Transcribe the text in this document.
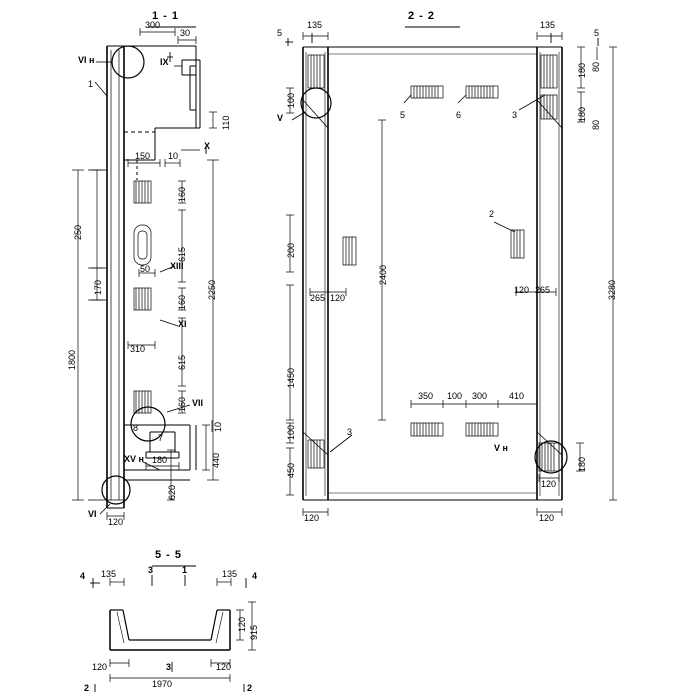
1 - 1	2 - 2
5 - 5
300
30
110
250
170
1800
310
2250
150 10
160
615
50
160
615
160
10
180
620
440
120
VI н	IX
X
XIII
XI
VII
XV н
VI
1
8
7
5
135	135
5
180 80
180
80
3280
100
200
1450
100
450
2400
265 120
120 265
350 100 300 410
120	120
120
180
V
V н
5	6	3
2
3
4 135	3	1	135 4
120
915
120	3
1970
120
2	2
